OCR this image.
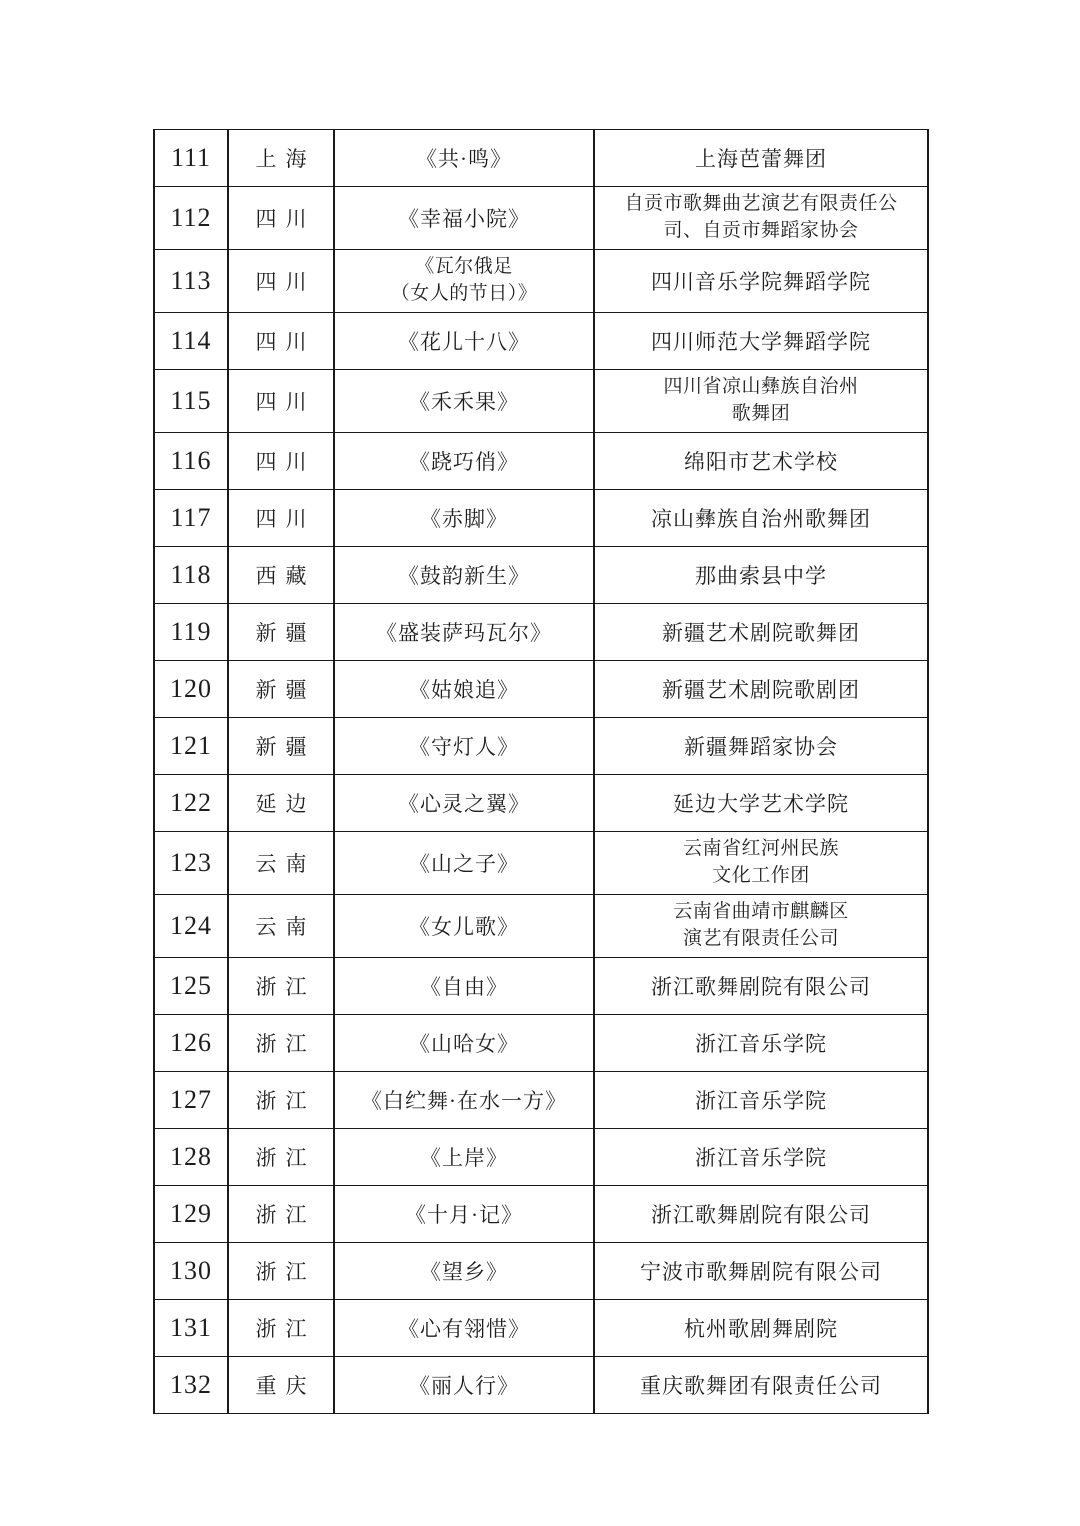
111	上海	《共·鸣》	上海芭蕾舞团
112	四川	《幸福小院》	自贡市歌舞曲艺演艺有限责任公
司、自贡市舞蹈家协会

113	四川	《瓦尔俄足
（女人的节日）》	四川音乐学院舞蹈学院
114	四川	《花儿十八》	四川师范大学舞蹈学院
115	四川	《禾禾果》	四川省凉山彝族自治州
歌舞团

116	四川	《跷巧俏》	绵阳市艺术学校
117	四川	《赤脚》	凉山彝族自治州歌舞团
118	西藏	《鼓韵新生》	那曲索县中学
119	新疆	《盛装萨玛瓦尔》	新疆艺术剧院歌舞团
120	新疆	《姑娘追》	新疆艺术剧院歌剧团
121	新疆	《守灯人》	新疆舞蹈家协会
122	延边	《心灵之翼》	延边大学艺术学院
123	云南	《山之子》	云南省红河州民族
文化工作团

124	云南	《女儿歌》	云南省曲靖市麒麟区
演艺有限责任公司

125	浙江	《自由》	浙江歌舞剧院有限公司
126	浙江	《山哈女》	浙江音乐学院
127	浙江	《白纻舞·在水一方》	浙江音乐学院
128	浙江	《上岸》	浙江音乐学院
129	浙江	《十月·记》	浙江歌舞剧院有限公司
130	浙江	《望乡》	宁波市歌舞剧院有限公司
131	浙江	《心有翎惜》	杭州歌剧舞剧院
132	重庆	《丽人行》	重庆歌舞团有限责任公司
